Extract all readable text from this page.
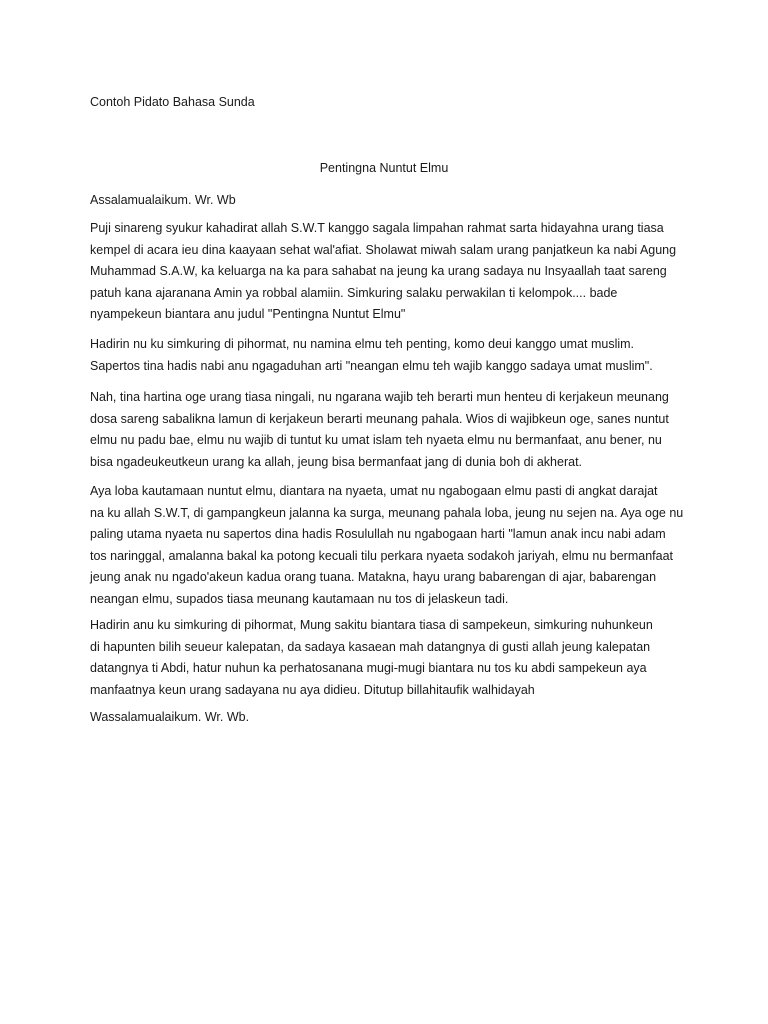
Contoh Pidato Bahasa Sunda

Pentingna Nuntut Elmu

Assalamualaikum. Wr. Wb

Puji sinareng syukur kahadirat allah S.W.T kanggo sagala limpahan rahmat sarta hidayahna urang tiasa
kempel di acara ieu dina kaayaan sehat wal'afiat. Sholawat miwah salam urang panjatkeun ka nabi Agung
Muhammad S.A.W, ka keluarga na ka para sahabat na jeung ka urang sadaya nu Insyaallah taat sareng
patuh kana ajaranana Amin ya robbal alamiin. Simkuring salaku perwakilan ti kelompok.... bade
nyampekeun biantara anu judul "Pentingna Nuntut Elmu"

Hadirin nu ku simkuring di pihormat, nu namina elmu teh penting, komo deui kanggo umat muslim.
Sapertos tina hadis nabi anu ngagaduhan arti "neangan elmu teh wajib kanggo sadaya umat muslim".

Nah, tina hartina oge urang tiasa ningali, nu ngarana wajib teh berarti mun henteu di kerjakeun meunang
dosa sareng sabalikna lamun di kerjakeun berarti meunang pahala. Wios di wajibkeun oge, sanes nuntut
elmu nu padu bae, elmu nu wajib di tuntut ku umat islam teh nyaeta elmu nu bermanfaat, anu bener, nu
bisa ngadeukeutkeun urang ka allah, jeung bisa bermanfaat jang di dunia boh di akherat.

Aya loba kautamaan nuntut elmu, diantara na nyaeta, umat nu ngabogaan elmu pasti di angkat darajat
na ku allah S.W.T, di gampangkeun jalanna ka surga, meunang pahala loba, jeung nu sejen na. Aya oge nu
paling utama nyaeta nu sapertos dina hadis Rosulullah nu ngabogaan harti "lamun anak incu nabi adam
tos naringgal, amalanna bakal ka potong kecuali tilu perkara nyaeta sodakoh jariyah, elmu nu bermanfaat
jeung anak nu ngado'akeun kadua orang tuana. Matakna, hayu urang babarengan di ajar, babarengan
neangan elmu, supados tiasa meunang kautamaan nu tos di jelaskeun tadi.

Hadirin anu ku simkuring di pihormat, Mung sakitu biantara tiasa di sampekeun, simkuring nuhunkeun
di hapunten bilih seueur kalepatan, da sadaya kasaean mah datangnya di gusti allah jeung kalepatan
datangnya ti Abdi, hatur nuhun ka perhatosanana mugi-mugi biantara nu tos ku abdi sampekeun aya
manfaatnya keun urang sadayana nu aya didieu. Ditutup billahitaufik walhidayah

Wassalamualaikum. Wr. Wb.
